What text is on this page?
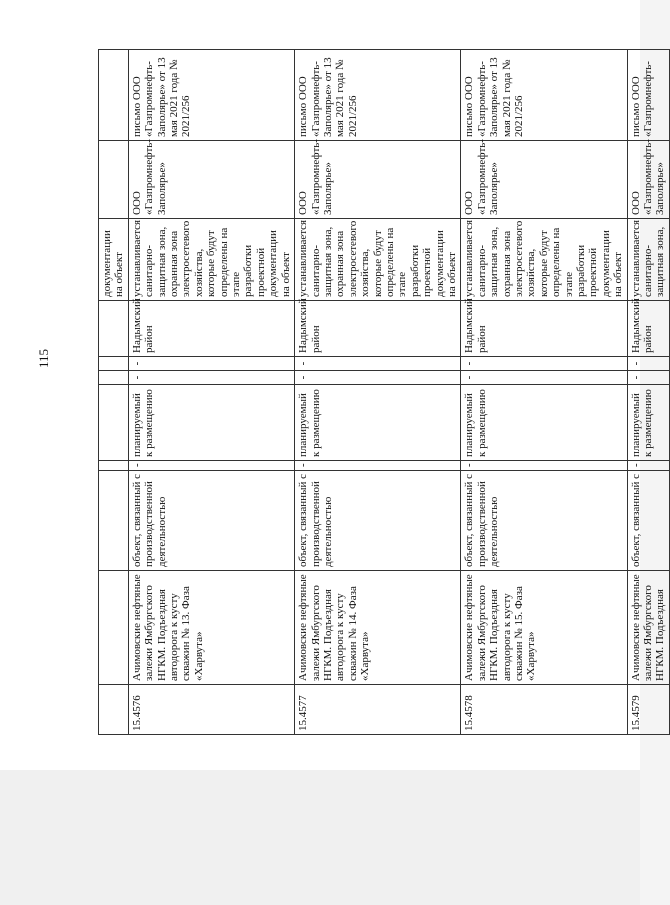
115
								документации на объект		
15.4576	Ачимовские нефтяные залежи Ямбургского НГКМ. Подъездная автодорога к кусту скважин № 13. Фаза «Харвута»	объект, связанный с производственной деятельностью	-	планируемый к размещению	-	-	Надымский район	устанавливается санитарно-защитная зона, охранная зона электросетевого хозяйства, которые будут определены на этапе разработки проектной документации на объект	ООО «Газпромнефть-Заполярье»	письмо ООО «Газпромнефть-Заполярье» от 13 мая 2021 года № 2021/256
15.4577	Ачимовские нефтяные залежи Ямбургского НГКМ. Подъездная автодорога к кусту скважин № 14. Фаза «Харвута»	объект, связанный с производственной деятельностью	-	планируемый к размещению	-	-	Надымский район	устанавливается санитарно-защитная зона, охранная зона электросетевого хозяйства, которые будут определены на этапе разработки проектной документации на объект	ООО «Газпромнефть-Заполярье»	письмо ООО «Газпромнефть-Заполярье» от 13 мая 2021 года № 2021/256
15.4578	Ачимовские нефтяные залежи Ямбургского НГКМ. Подъездная автодорога к кусту скважин № 15. Фаза «Харвута»	объект, связанный с производственной деятельностью	-	планируемый к размещению	-	-	Надымский район	устанавливается санитарно-защитная зона, охранная зона электросетевого хозяйства, которые будут определены на этапе разработки проектной документации на объект	ООО «Газпромнефть-Заполярье»	письмо ООО «Газпромнефть-Заполярье» от 13 мая 2021 года № 2021/256
15.4579	Ачимовские нефтяные залежи Ямбургского НГКМ. Подъездная	объект, связанный с	-	планируемый к размещению	-	-	Надымский район	устанавливается санитарно-защитная зона,	ООО «Газпромнефть-Заполярье»	письмо ООО «Газпромнефть-
